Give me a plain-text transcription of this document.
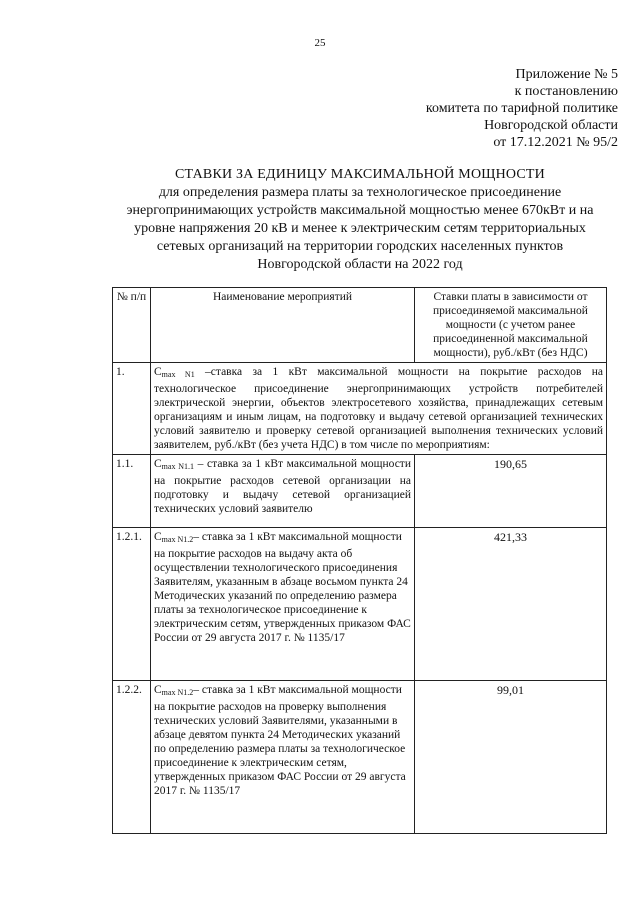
25
Приложение № 5
к постановлению
комитета по тарифной политике
Новгородской области
от 17.12.2021 № 95/2
СТАВКИ ЗА ЕДИНИЦУ МАКСИМАЛЬНОЙ МОЩНОСТИ
для определения размера платы за технологическое присоединение
энергопринимающих устройств максимальной мощностью менее 670кВт и на
уровне напряжения 20 кВ и менее к электрическим сетям территориальных
сетевых организаций на территории городских населенных пунктов
Новгородской области на 2022 год
№ п/п	Наименование мероприятий	Ставки платы в зависимости от присоединяемой максимальной мощности (с учетом ранее присоединенной максимальной мощности), руб./кВт (без НДС)
1.	$С_{max N1}$ –ставка за 1 кВт максимальной мощности на покрытие расходов на технологическое присоединение энергопринимающих устройств потребителей электрической энергии, объектов электросетевого хозяйства, принадлежащих сетевым организациям и иным лицам, на подготовку и выдачу сетевой организацией технических условий заявителю и проверку сетевой организацией выполнения технических условий заявителем, руб./кВт (без учета НДС) в том числе по мероприятиям:	
1.1.	$С_{max N1.1}$ – ставка за 1 кВт максимальной мощности на покрытие расходов сетевой организации на подготовку и выдачу сетевой организацией технических условий заявителю	190,65
1.2.1.	$С_{max N1.2}-$ ставка за 1 кВт максимальной мощности на покрытие расходов на выдачу акта об осуществлении технологического присоединения Заявителям, указанным в абзаце восьмом пункта 24 Методических указаний по определению размера платы за технологическое присоединение к электрическим сетям, утвержденных приказом ФАС России от 29 августа 2017 г. № 1135/17	421,33
1.2.2.	$С_{max N1.2}-$ ставка за 1 кВт максимальной мощности на покрытие расходов на проверку выполнения технических условий Заявителями, указанными в абзаце девятом пункта 24 Методических указаний по определению размера платы за технологическое присоединение к электрическим сетям, утвержденных приказом ФАС России от 29 августа 2017 г. № 1135/17	99,01
